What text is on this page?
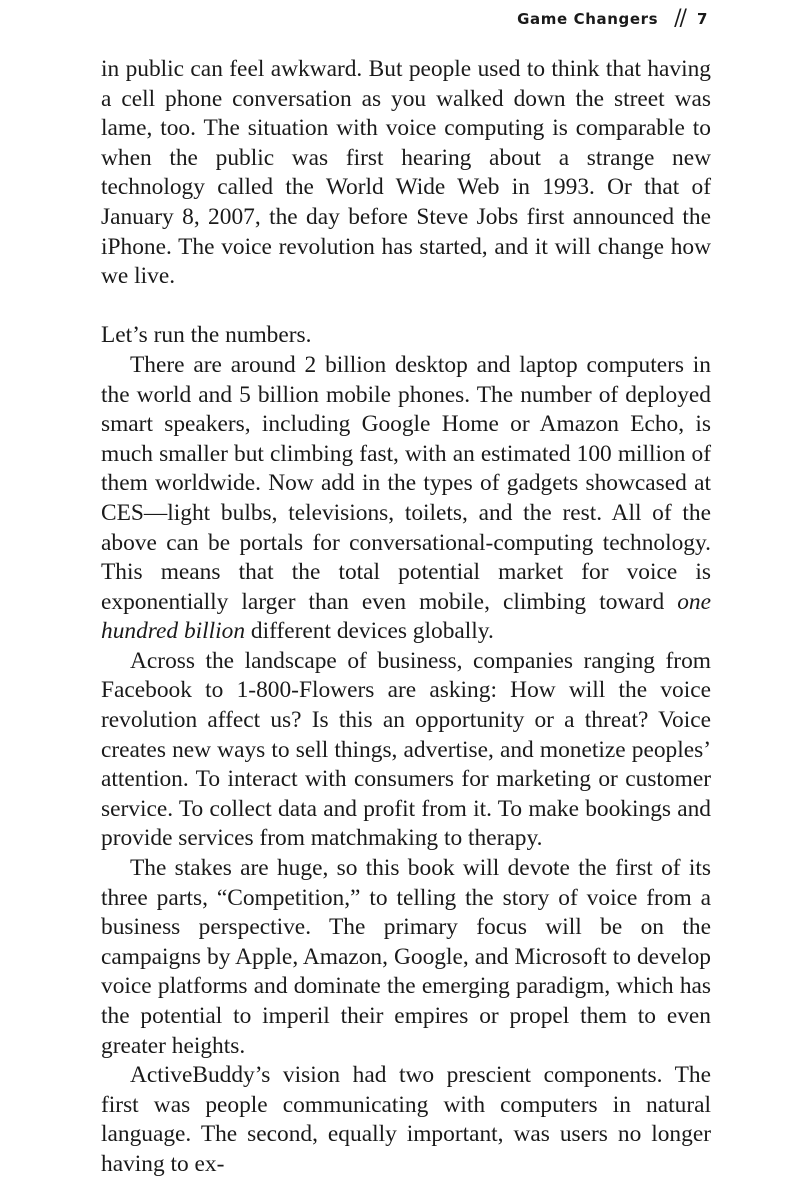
Game Changers // 7

in public can feel awkward. But people used to think that having a cell phone conversation as you walked down the street was lame, too. The situation with voice computing is comparable to when the public was first hearing about a strange new technology called the World Wide Web in 1993. Or that of January 8, 2007, the day before Steve Jobs first announced the iPhone. The voice revolution has started, and it will change how we live.

Let’s run the numbers.

There are around 2 billion desktop and laptop computers in the world and 5 billion mobile phones. The number of deployed smart speakers, including Google Home or Amazon Echo, is much smaller but climbing fast, with an estimated 100 million of them worldwide. Now add in the types of gadgets showcased at CES—light bulbs, televisions, toilets, and the rest. All of the above can be portals for conversational-computing technology. This means that the total potential market for voice is exponentially larger than even mobile, climbing toward one hundred billion different devices globally.

Across the landscape of business, companies ranging from Facebook to 1-800-Flowers are asking: How will the voice revolution affect us? Is this an opportunity or a threat? Voice creates new ways to sell things, advertise, and monetize peoples’ attention. To interact with consumers for marketing or customer service. To collect data and profit from it. To make bookings and provide services from matchmaking to therapy.

The stakes are huge, so this book will devote the first of its three parts, “Competition,” to telling the story of voice from a business perspective. The primary focus will be on the campaigns by Apple, Amazon, Google, and Microsoft to develop voice platforms and dominate the emerging paradigm, which has the potential to imperil their empires or propel them to even greater heights.

ActiveBuddy’s vision had two prescient components. The first was people communicating with computers in natural language. The second, equally important, was users no longer having to ex-
